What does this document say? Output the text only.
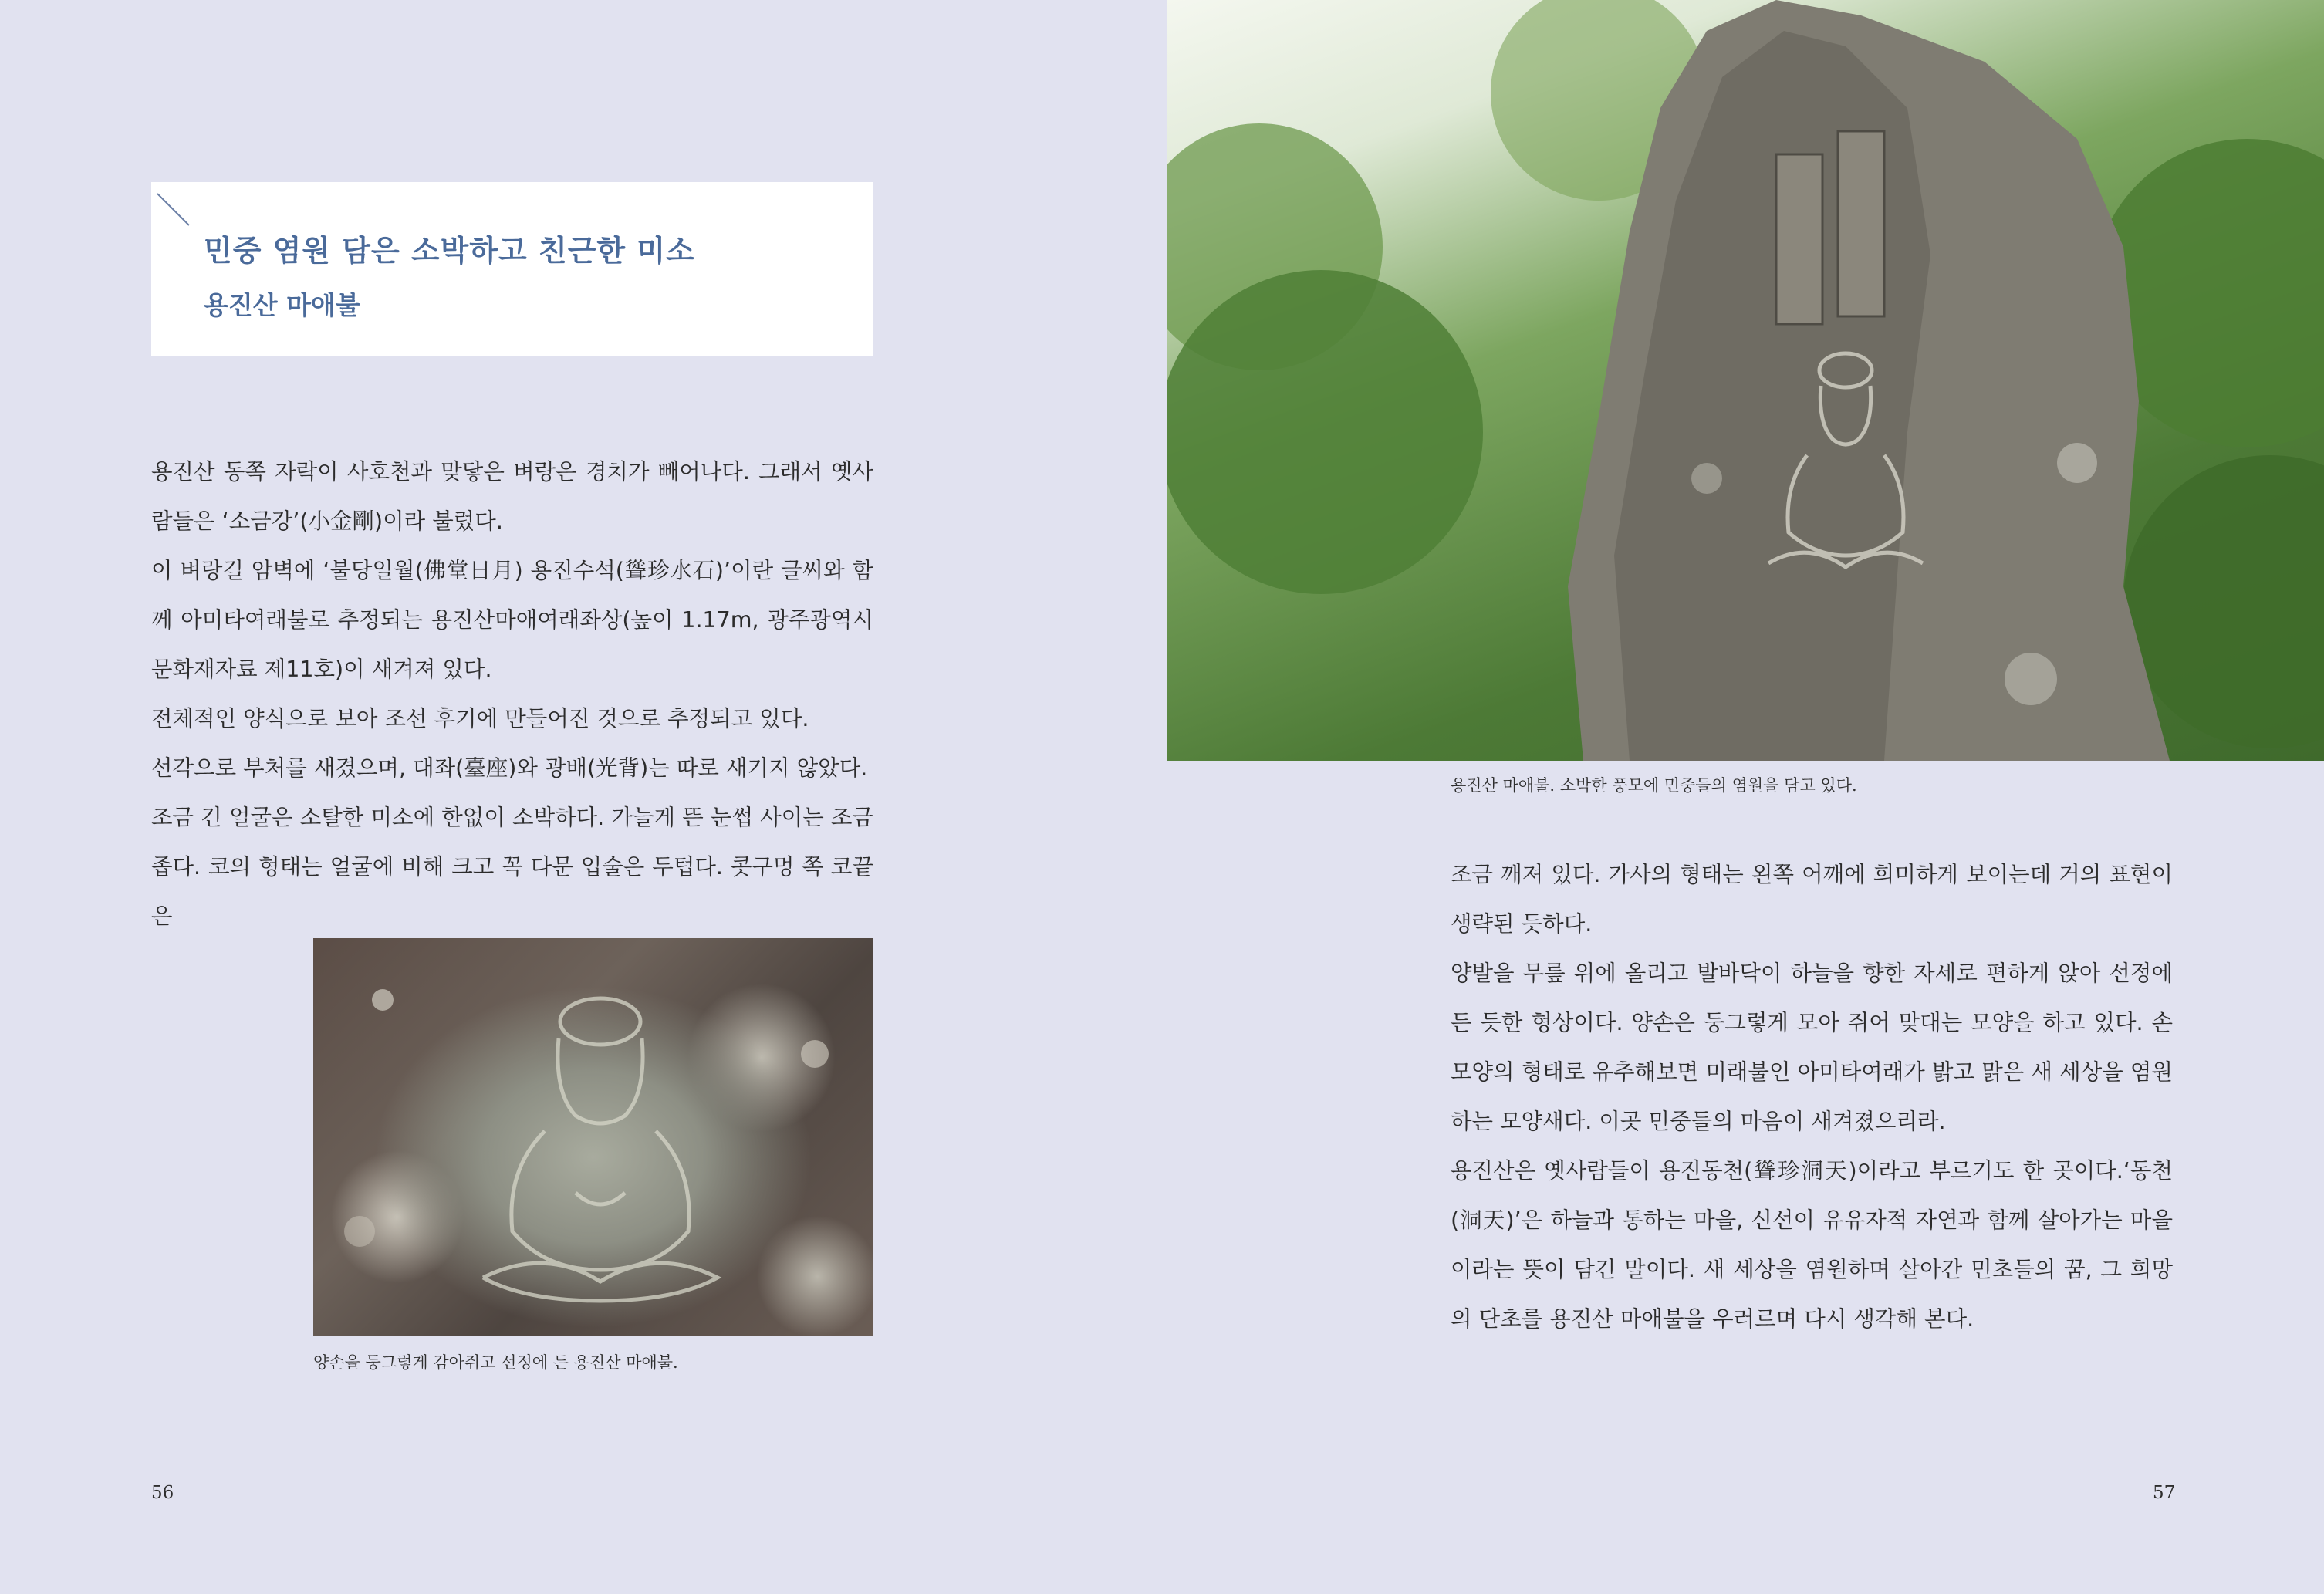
민중 염원 담은 소박하고 친근한 미소
용진산 마애불

용진산 동쪽 자락이 사호천과 맞닿은 벼랑은 경치가 빼어나다. 그래서 옛사람들은 ‘소금강’(小金剛)이라 불렀다.

이 벼랑길 암벽에 ‘불당일월(佛堂日月) 용진수석(聳珍水石)’이란 글씨와 함께 아미타여래불로 추정되는 용진산마애여래좌상(높이 1.17m, 광주광역시문화재자료 제11호)이 새겨져 있다.

전체적인 양식으로 보아 조선 후기에 만들어진 것으로 추정되고 있다.

선각으로 부처를 새겼으며, 대좌(臺座)와 광배(光背)는 따로 새기지 않았다.

조금 긴 얼굴은 소탈한 미소에 한없이 소박하다. 가늘게 뜬 눈썹 사이는 조금 좁다. 코의 형태는 얼굴에 비해 크고 꼭 다문 입술은 두텁다. 콧구멍 쪽 코끝은

양손을 둥그렇게 감아쥐고 선정에 든 용진산 마애불.
56
용진산 마애불. 소박한 풍모에 민중들의 염원을 담고 있다.

조금 깨져 있다. 가사의 형태는 왼쪽 어깨에 희미하게 보이는데 거의 표현이 생략된 듯하다.

양발을 무릎 위에 올리고 발바닥이 하늘을 향한 자세로 편하게 앉아 선정에 든 듯한 형상이다. 양손은 둥그렇게 모아 쥐어 맞대는 모양을 하고 있다. 손 모양의 형태로 유추해보면 미래불인 아미타여래가 밝고 맑은 새 세상을 염원하는 모양새다. 이곳 민중들의 마음이 새겨졌으리라.

용진산은 옛사람들이 용진동천(聳珍洞天)이라고 부르기도 한 곳이다.‘동천(洞天)’은 하늘과 통하는 마을, 신선이 유유자적 자연과 함께 살아가는 마을이라는 뜻이 담긴 말이다. 새 세상을 염원하며 살아간 민초들의 꿈, 그 희망의 단초를 용진산 마애불을 우러르며 다시 생각해 본다.

57
